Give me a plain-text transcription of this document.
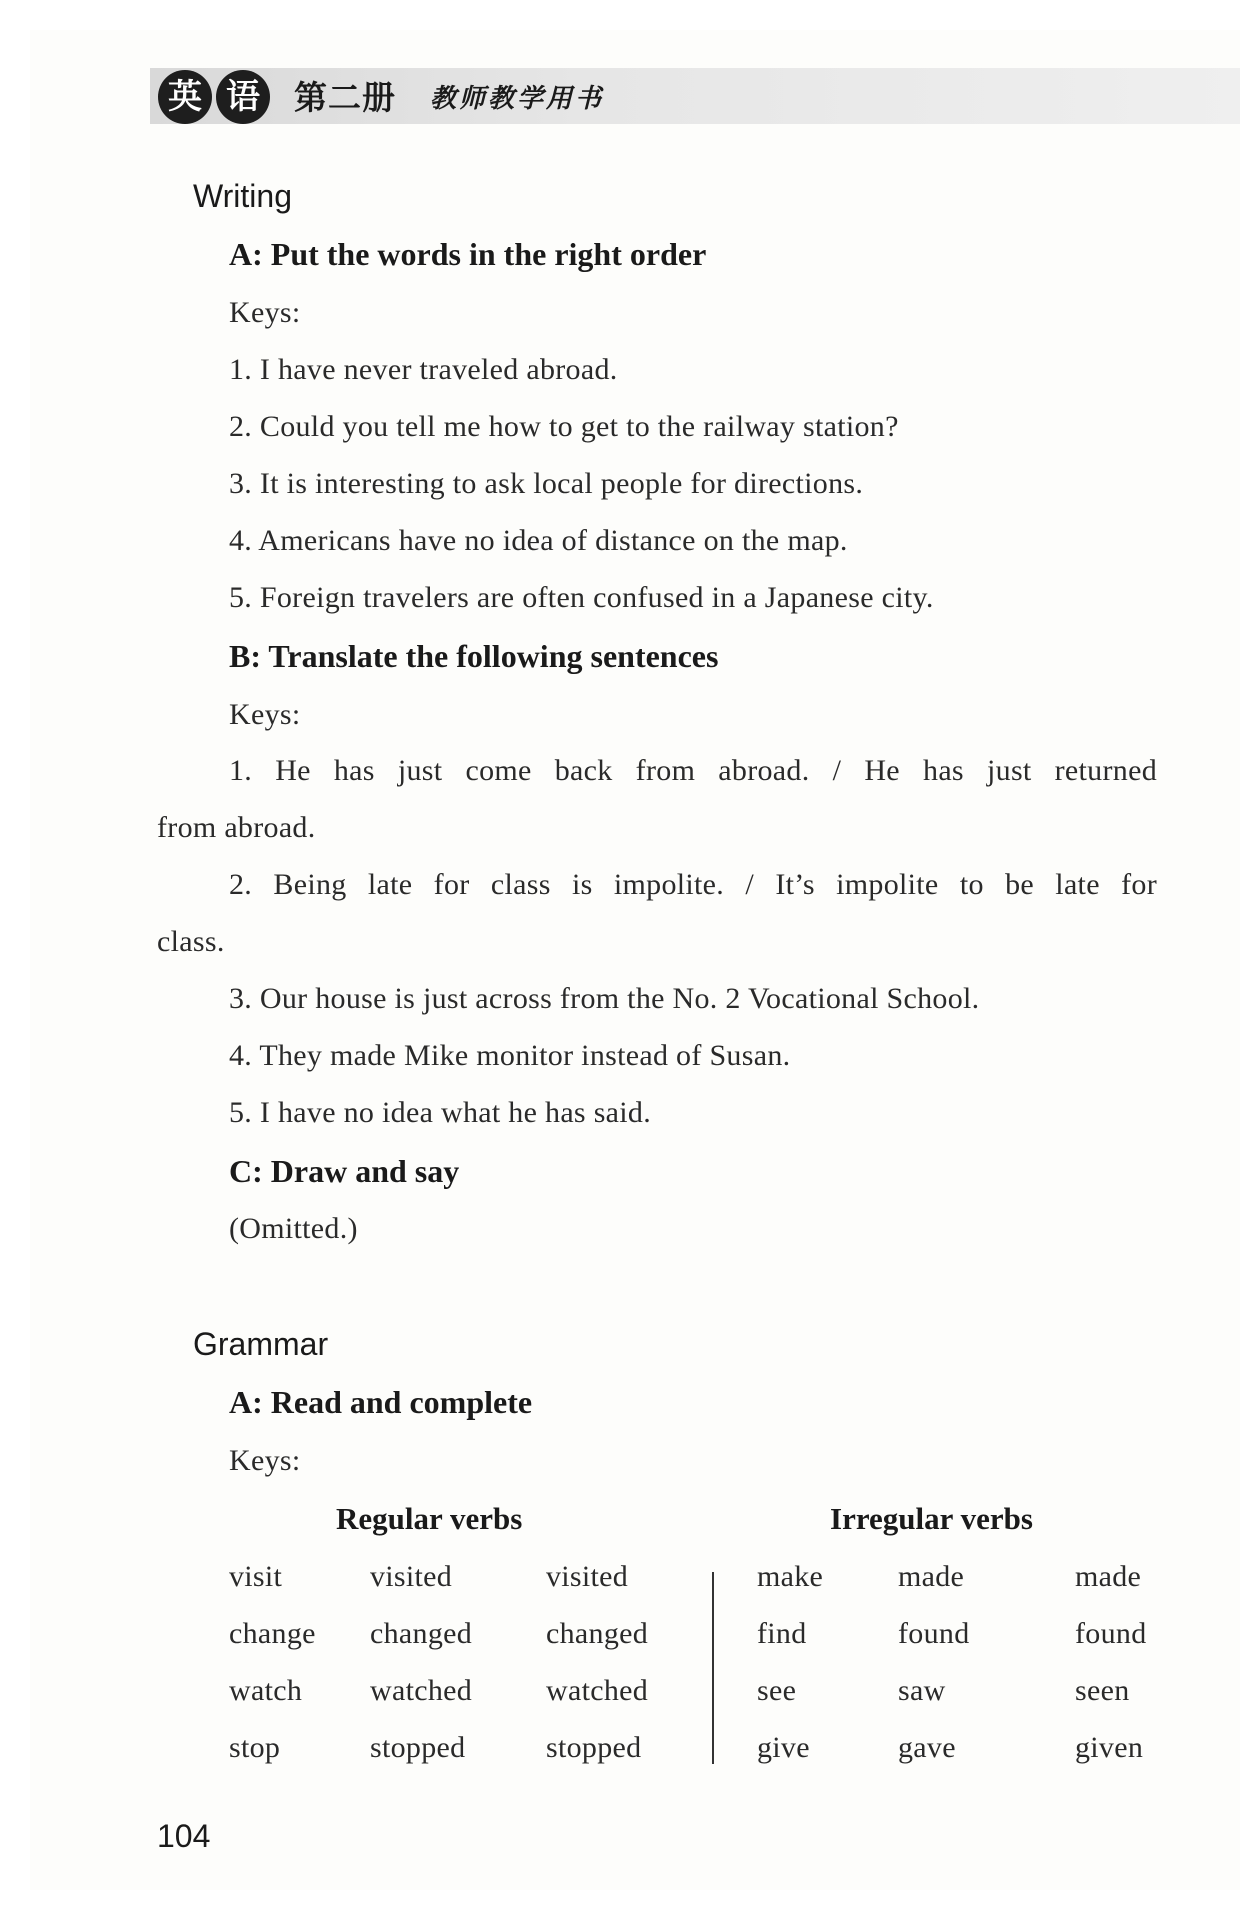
英 语	第二册 教师教学用书
Writing
A: Put the words in the right order
Keys:
1. I have never traveled abroad.
2. Could you tell me how to get to the railway station?
3. It is interesting to ask local people for directions.
4. Americans have no idea of distance on the map.
5. Foreign travelers are often confused in a Japanese city.
B: Translate the following sentences
Keys:
1. He has just come back from abroad. / He has just returned
from abroad.
2. Being late for class is impolite. / It’s impolite to be late for
class.
3. Our house is just across from the No. 2 Vocational School.
4. They made Mike monitor instead of Susan.
5. I have no idea what he has said.
C: Draw and say
(Omitted.)
Grammar
A: Read and complete
Keys:
Regular verbs	Irregular verbs
visit	visited	visited
change changed changed
watch watched watched
stop	stopped	stopped
make made	made
find	found	found
see	saw	seen
give	gave	given
104
